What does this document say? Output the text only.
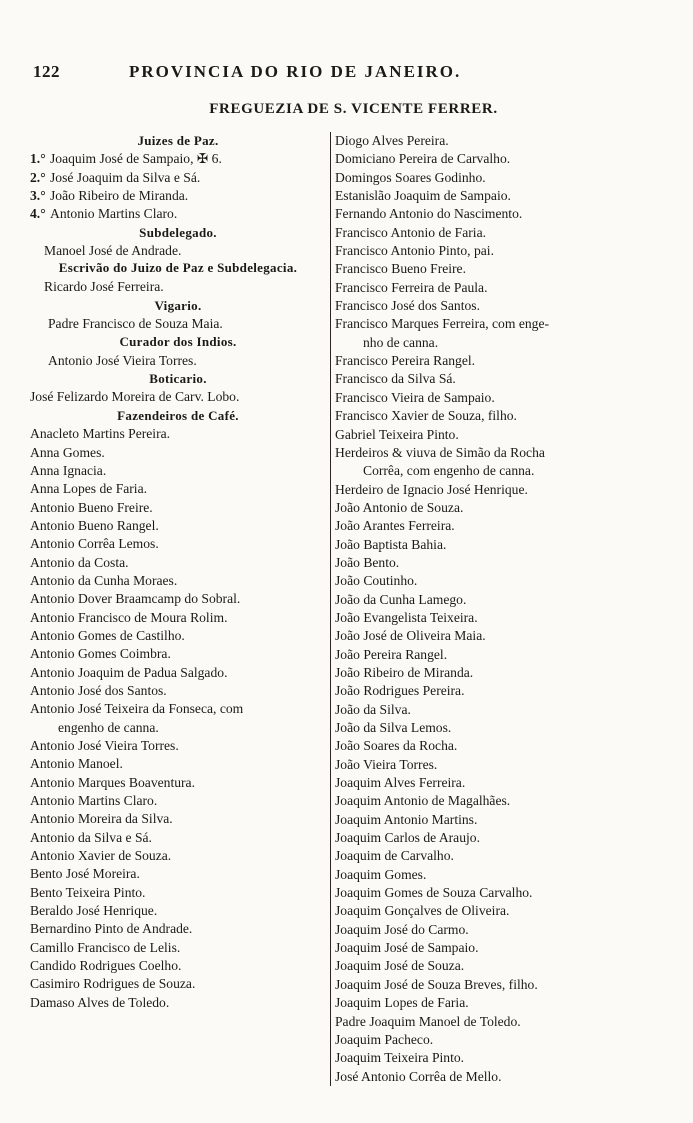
122	PROVINCIA DO RIO DE JANEIRO.
FREGUEZIA DE S. VICENTE FERRER.
Juizes de Paz.
1.° Joaquim José de Sampaio, ✠ 6.
2.° José Joaquim da Silva e Sá.
3.° João Ribeiro de Miranda.
4.° Antonio Martins Claro.
Subdelegado.
Manoel José de Andrade.
Escrivão do Juizo de Paz e Subdelegacia.
Ricardo José Ferreira.
Vigario.
Padre Francisco de Souza Maia.
Curador dos Indios.
Antonio José Vieira Torres.
Boticario.
José Felizardo Moreira de Carv. Lobo.
Fazendeiros de Café.
Anacleto Martins Pereira.
Anna Gomes.
Anna Ignacia.
Anna Lopes de Faria.
Antonio Bueno Freire.
Antonio Bueno Rangel.
Antonio Corrêa Lemos.
Antonio da Costa.
Antonio da Cunha Moraes.
Antonio Dover Braamcamp do Sobral.
Antonio Francisco de Moura Rolim.
Antonio Gomes de Castilho.
Antonio Gomes Coimbra.
Antonio Joaquim de Padua Salgado.
Antonio José dos Santos.
Antonio José Teixeira da Fonseca, com
engenho de canna.
Antonio José Vieira Torres.
Antonio Manoel.
Antonio Marques Boaventura.
Antonio Martins Claro.
Antonio Moreira da Silva.
Antonio da Silva e Sá.
Antonio Xavier de Souza.
Bento José Moreira.
Bento Teixeira Pinto.
Beraldo José Henrique.
Bernardino Pinto de Andrade.
Camillo Francisco de Lelis.
Candido Rodrigues Coelho.
Casimiro Rodrigues de Souza.
Damaso Alves de Toledo.
Diogo Alves Pereira.
Domiciano Pereira de Carvalho.
Domingos Soares Godinho.
Estanislão Joaquim de Sampaio.
Fernando Antonio do Nascimento.
Francisco Antonio de Faria.
Francisco Antonio Pinto, pai.
Francisco Bueno Freire.
Francisco Ferreira de Paula.
Francisco José dos Santos.
Francisco Marques Ferreira, com enge-
nho de canna.
Francisco Pereira Rangel.
Francisco da Silva Sá.
Francisco Vieira de Sampaio.
Francisco Xavier de Souza, filho.
Gabriel Teixeira Pinto.
Herdeiros & viuva de Simão da Rocha
Corrêa, com engenho de canna.
Herdeiro de Ignacio José Henrique.
João Antonio de Souza.
João Arantes Ferreira.
João Baptista Bahia.
João Bento.
João Coutinho.
João da Cunha Lamego.
João Evangelista Teixeira.
João José de Oliveira Maia.
João Pereira Rangel.
João Ribeiro de Miranda.
João Rodrigues Pereira.
João da Silva.
João da Silva Lemos.
João Soares da Rocha.
João Vieira Torres.
Joaquim Alves Ferreira.
Joaquim Antonio de Magalhães.
Joaquim Antonio Martins.
Joaquim Carlos de Araujo.
Joaquim de Carvalho.
Joaquim Gomes.
Joaquim Gomes de Souza Carvalho.
Joaquim Gonçalves de Oliveira.
Joaquim José do Carmo.
Joaquim José de Sampaio.
Joaquim José de Souza.
Joaquim José de Souza Breves, filho.
Joaquim Lopes de Faria.
Padre Joaquim Manoel de Toledo.
Joaquim Pacheco.
Joaquim Teixeira Pinto.
José Antonio Corrêa de Mello.
